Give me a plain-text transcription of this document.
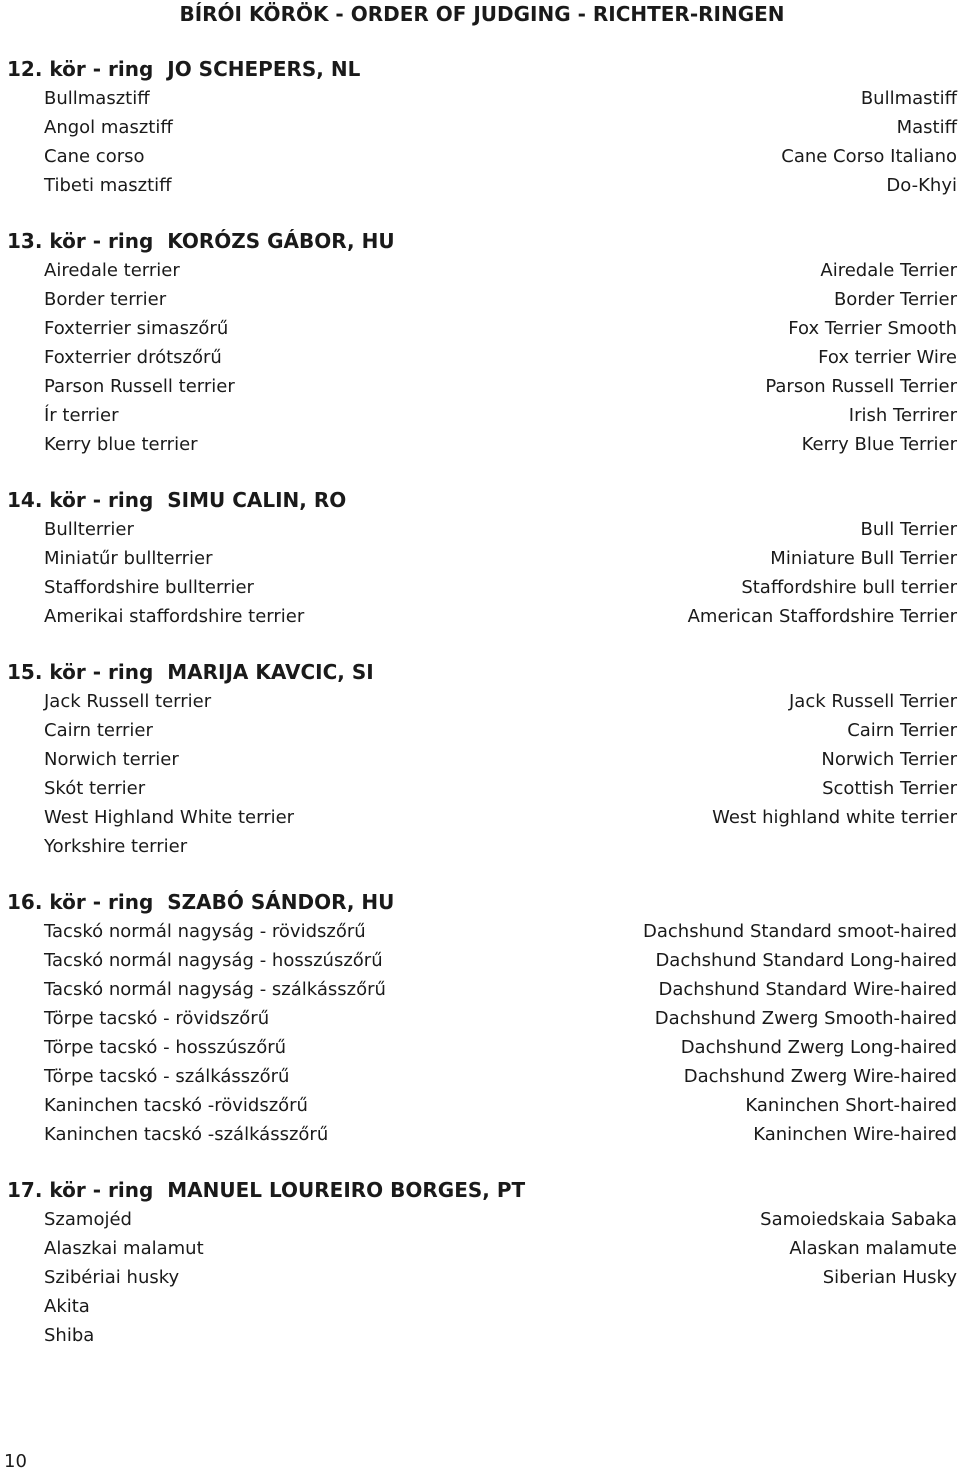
BÍRÓI KÖRÖK - ORDER OF JUDGING - RICHTER-RINGEN
12. kör - ring JO SCHEPERS, NL
Bullmasztiff	Bullmastiff
Angol masztiff	Mastiff
Cane corso	Cane Corso Italiano
Tibeti masztiff	Do-Khyi
13. kör - ring KORÓZS GÁBOR, HU
Airedale terrier	Airedale Terrier
Border terrier	Border Terrier
Foxterrier simaszőrű	Fox Terrier Smooth
Foxterrier drótszőrű	Fox terrier Wire
Parson Russell terrier	Parson Russell Terrier
Ír terrier	Irish Terrirer
Kerry blue terrier	Kerry Blue Terrier
14. kör - ring SIMU CALIN, RO
Bullterrier	Bull Terrier
Miniatűr bullterrier	Miniature Bull Terrier
Staffordshire bullterrier	Staffordshire bull terrier
Amerikai staffordshire terrier	American Staffordshire Terrier
15. kör - ring MARIJA KAVCIC, SI
Jack Russell terrier	Jack Russell Terrier
Cairn terrier	Cairn Terrier
Norwich terrier	Norwich Terrier
Skót terrier	Scottish Terrier
West Highland White terrier	West highland white terrier
Yorkshire terrier
16. kör - ring SZABÓ SÁNDOR, HU
Tacskó normál nagyság - rövidszőrű	Dachshund Standard smoot-haired
Tacskó normál nagyság - hosszúszőrű	Dachshund Standard Long-haired
Tacskó normál nagyság - szálkásszőrű	Dachshund Standard Wire-haired
Törpe tacskó - rövidszőrű	Dachshund Zwerg Smooth-haired
Törpe tacskó - hosszúszőrű	Dachshund Zwerg Long-haired
Törpe tacskó - szálkásszőrű	Dachshund Zwerg Wire-haired
Kaninchen tacskó -rövidszőrű	Kaninchen Short-haired
Kaninchen tacskó -szálkásszőrű	Kaninchen Wire-haired
17. kör - ring MANUEL LOUREIRO BORGES, PT
Szamojéd	Samoiedskaia Sabaka
Alaszkai malamut	Alaskan malamute
Szibériai husky	Siberian Husky
Akita
Shiba
10
